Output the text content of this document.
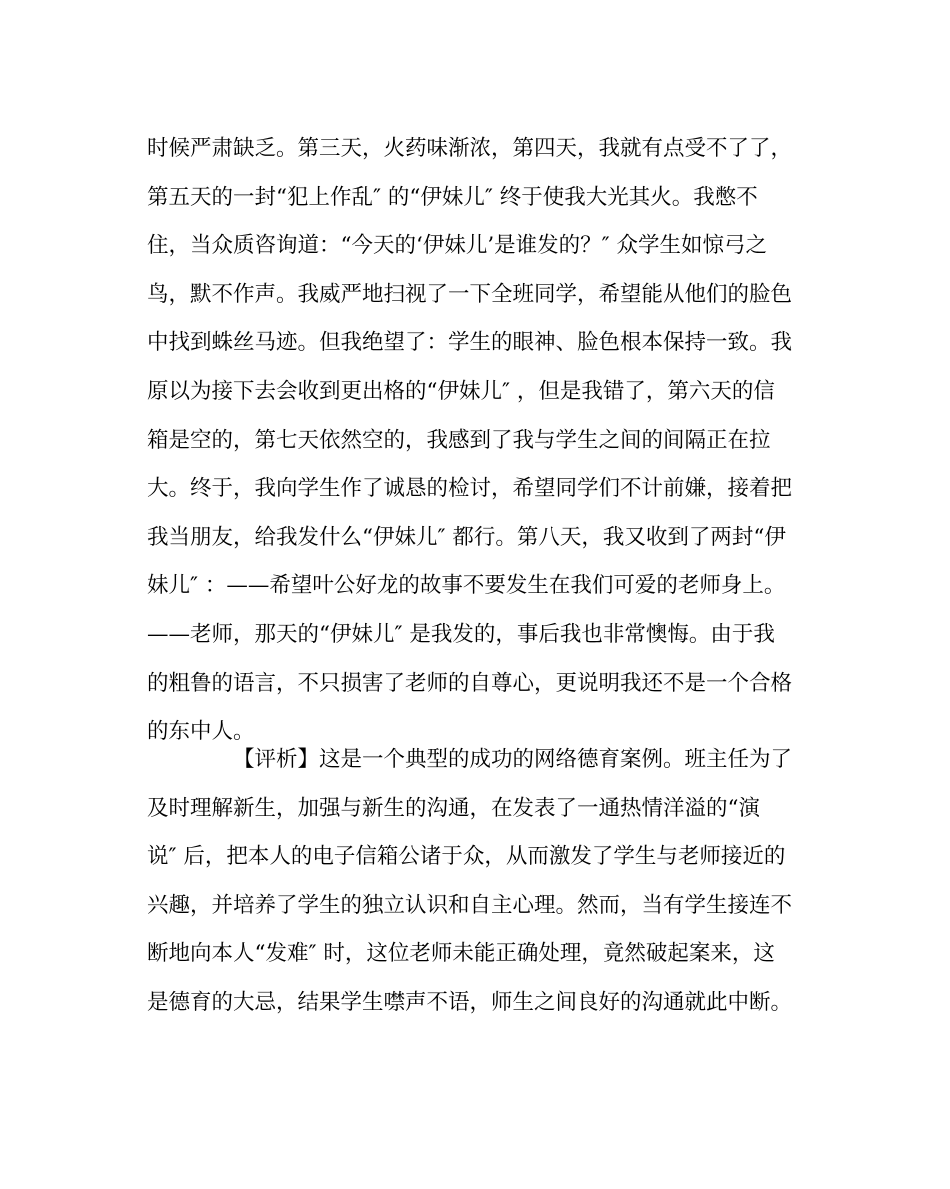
时候严肃缺乏。第三天，火药味渐浓，第四天，我就有点受不了了，
第五天的一封“犯上作乱″ 的“伊妹儿″ 终于使我大光其火。我憋不
住，当众质咨询道：“今天的‘伊妹儿’是谁发的？″ 众学生如惊弓之
鸟，默不作声。我威严地扫视了一下全班同学，希望能从他们的脸色
中找到蛛丝马迹。但我绝望了：学生的眼神、脸色根本保持一致。我
原以为接下去会收到更出格的“伊妹儿″ ，但是我错了，第六天的信
箱是空的，第七天依然空的，我感到了我与学生之间的间隔正在拉
大。终于，我向学生作了诚恳的检讨，希望同学们不计前嫌，接着把
我当朋友，给我发什么“伊妹儿″ 都行。第八天，我又收到了两封“伊
妹儿″ ：——希望叶公好龙的故事不要发生在我们可爱的老师身上。
——老师，那天的“伊妹儿″ 是我发的，事后我也非常懊悔。由于我
的粗鲁的语言，不只损害了老师的自尊心，更说明我还不是一个合格
的东中人。
【评析】这是一个典型的成功的网络德育案例。班主任为了
及时理解新生，加强与新生的沟通，在发表了一通热情洋溢的“演
说″ 后，把本人的电子信箱公诸于众，从而激发了学生与老师接近的
兴趣，并培养了学生的独立认识和自主心理。然而，当有学生接连不
断地向本人“发难″ 时，这位老师未能正确处理，竟然破起案来，这
是德育的大忌，结果学生噤声不语，师生之间良好的沟通就此中断。
